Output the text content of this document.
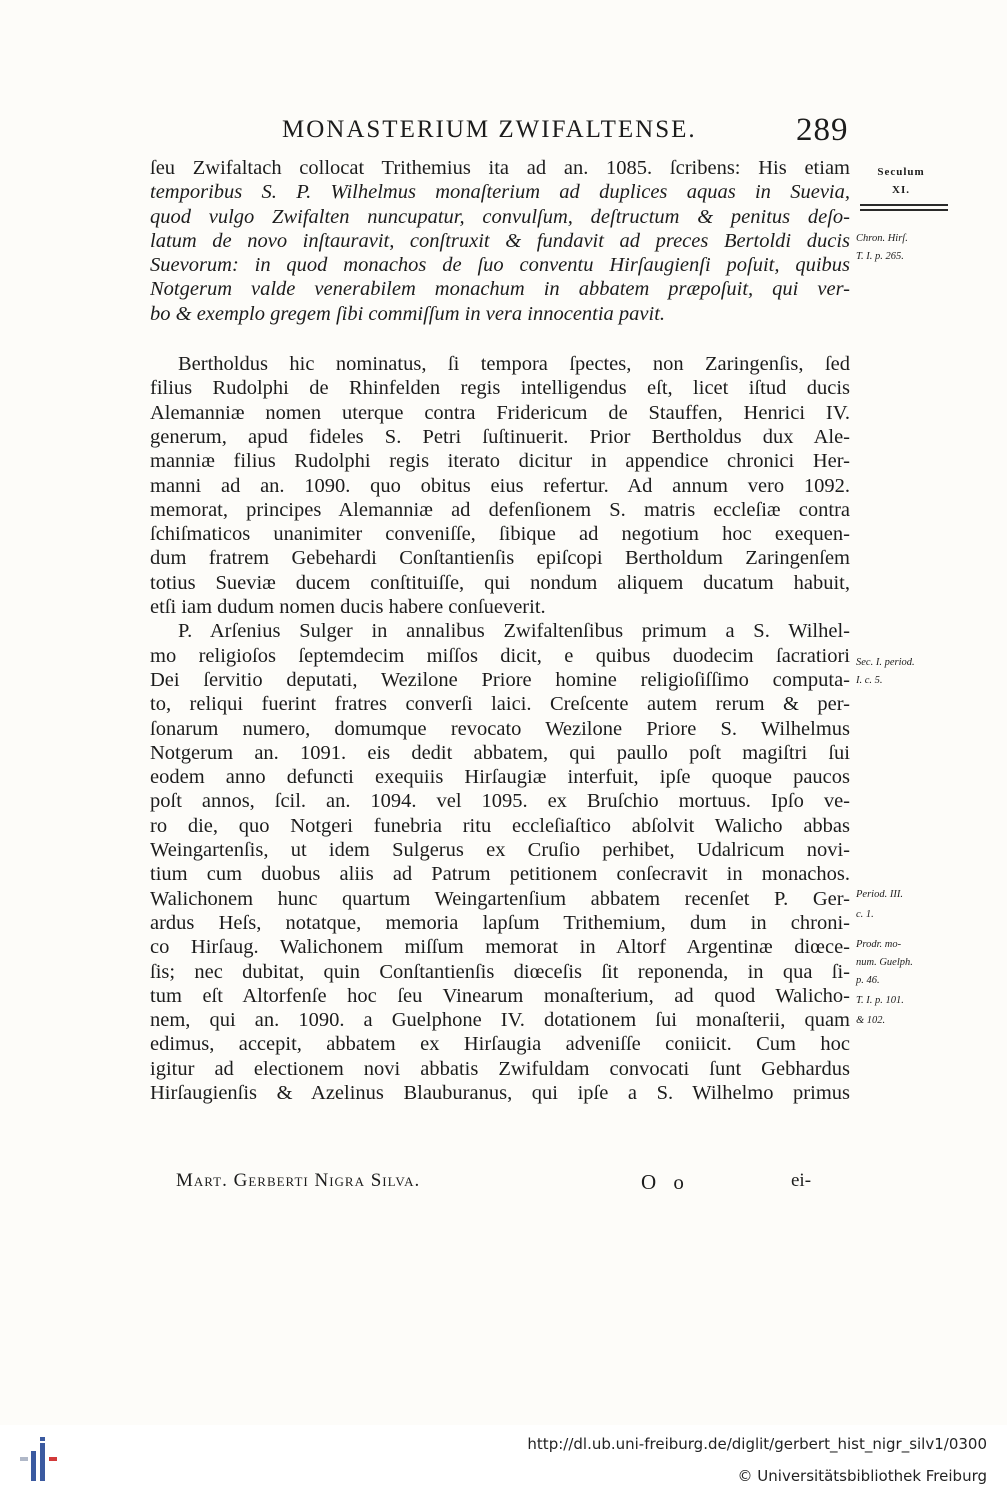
MONASTERIUM ZWIFALTENSE.	289
ſeu Zwifaltach collocat Trithemius ita ad an. 1085. ſcribens: His etiam
temporibus S. P. Wilhelmus monaſterium ad duplices aquas in Suevia,
quod vulgo Zwifalten nuncupatur, convulſum, deſtructum & penitus deſo-
latum de novo inſtauravit, conſtruxit & fundavit ad preces Bertoldi ducis
Suevorum: in quod monachos de ſuo conventu Hirſaugienſi poſuit, quibus
Notgerum valde venerabilem monachum in abbatem præpoſuit, qui ver-
bo & exemplo gregem ſibi commiſſum in vera innocentia pavit.
Bertholdus hic nominatus, ſi tempora ſpectes, non Zaringenſis, ſed
filius Rudolphi de Rhinfelden regis intelligendus eſt, licet iſtud ducis
Alemanniæ nomen uterque contra Fridericum de Stauffen, Henrici IV.
generum, apud fideles S. Petri ſuſtinuerit. Prior Bertholdus dux Ale-
manniæ filius Rudolphi regis iterato dicitur in appendice chronici Her-
manni ad an. 1090. quo obitus eius refertur. Ad annum vero 1092.
memorat, principes Alemanniæ ad defenſionem S. matris eccleſiæ contra
ſchiſmaticos unanimiter conveniſſe, ſibique ad negotium hoc exequen-
dum fratrem Gebehardi Conſtantienſis epiſcopi Bertholdum Zaringenſem
totius Sueviæ ducem conſtituiſſe, qui nondum aliquem ducatum habuit,
etſi iam dudum nomen ducis habere conſueverit.
P. Arſenius Sulger in annalibus Zwifaltenſibus primum a S. Wilhel-
mo religioſos ſeptemdecim miſſos dicit, e quibus duodecim ſacratiori
Dei ſervitio deputati, Wezilone Priore homine religioſiſſimo computa-
to, reliqui fuerint fratres converſi laici. Creſcente autem rerum & per-
ſonarum numero, domumque revocato Wezilone Priore S. Wilhelmus
Notgerum an. 1091. eis dedit abbatem, qui paullo poſt magiſtri ſui
eodem anno defuncti exequiis Hirſaugiæ interfuit, ipſe quoque paucos
poſt annos, ſcil. an. 1094. vel 1095. ex Bruſchio mortuus. Ipſo ve-
ro die, quo Notgeri funebria ritu eccleſiaſtico abſolvit Walicho abbas
Weingartenſis, ut idem Sulgerus ex Cruſio perhibet, Udalricum novi-
tium cum duobus aliis ad Patrum petitionem conſecravit in monachos.
Walichonem hunc quartum Weingartenſium abbatem recenſet P. Ger-
ardus Heſs, notatque, memoria lapſum Trithemium, dum in chroni-
co Hirſaug. Walichonem miſſum memorat in Altorf Argentinæ diœce-
ſis; nec dubitat, quin Conſtantienſis diœceſis ſit reponenda, in qua ſi-
tum eſt Altorfenſe hoc ſeu Vinearum monaſterium, ad quod Walicho-
nem, qui an. 1090. a Guelphone IV. dotationem ſui monaſterii, quam
edimus, accepit, abbatem ex Hirſaugia adveniſſe coniicit. Cum hoc
igitur ad electionem novi abbatis Zwifuldam convocati ſunt Gebhardus
Hirſaugienſis & Azelinus Blauburanus, qui ipſe a S. Wilhelmo primus
Seculum
XI.
Chron. Hirſ.
T. I. p. 265.
Sec. I. period.
I. c. 5.
Period. III.
c. 1.
Prodr. mo-
num. Guelph.
p. 46.
T. I. p. 101.
& 102.
Mart. Gerberti Nigra Silva.	O o	ei-
http://dl.ub.uni-freiburg.de/diglit/gerbert_hist_nigr_silv1/0300
© Universitätsbibliothek Freiburg
